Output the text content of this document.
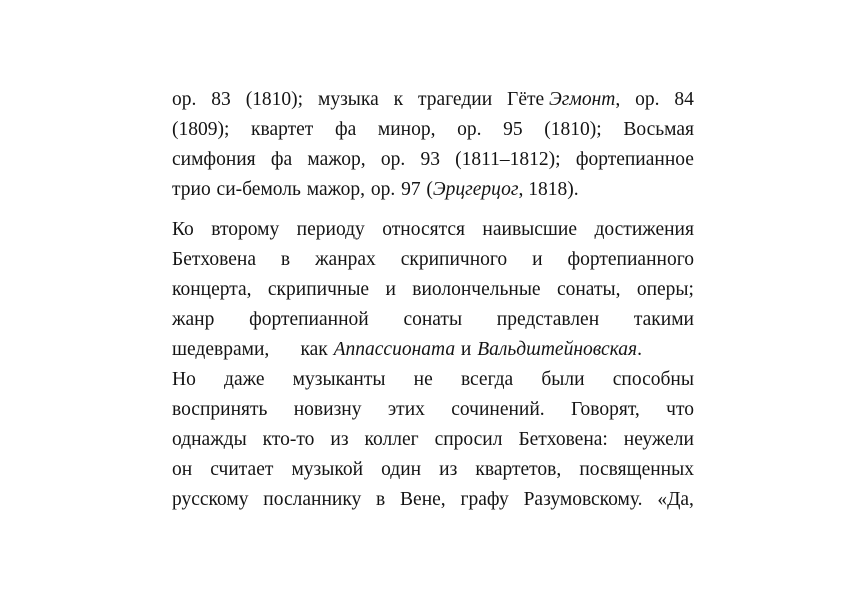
ор. 83 (1810); музыка к трагедии Гёте Эгмонт, ор. 84
(1809); квартет фа минор, ор. 95 (1810); Восьмая
симфония фа мажор, ор. 93 (1811–1812); фортепианное
трио си-бемоль мажор, ор. 97 (Эрцгерцог, 1818).
Ко второму периоду относятся наивысшие достижения
Бетховена в жанрах скрипичного и фортепианного
концерта, скрипичные и виолончельные сонаты, оперы;
жанр фортепианной сонаты представлен такими
шедеврами, как Аппассионата и Вальдштейновская.
Но даже музыканты не всегда были способны
воспринять новизну этих сочинений. Говорят, что
однажды кто-то из коллег спросил Бетховена: неужели
он считает музыкой один из квартетов, посвященных
русскому посланнику в Вене, графу Разумовскому. «Да,
